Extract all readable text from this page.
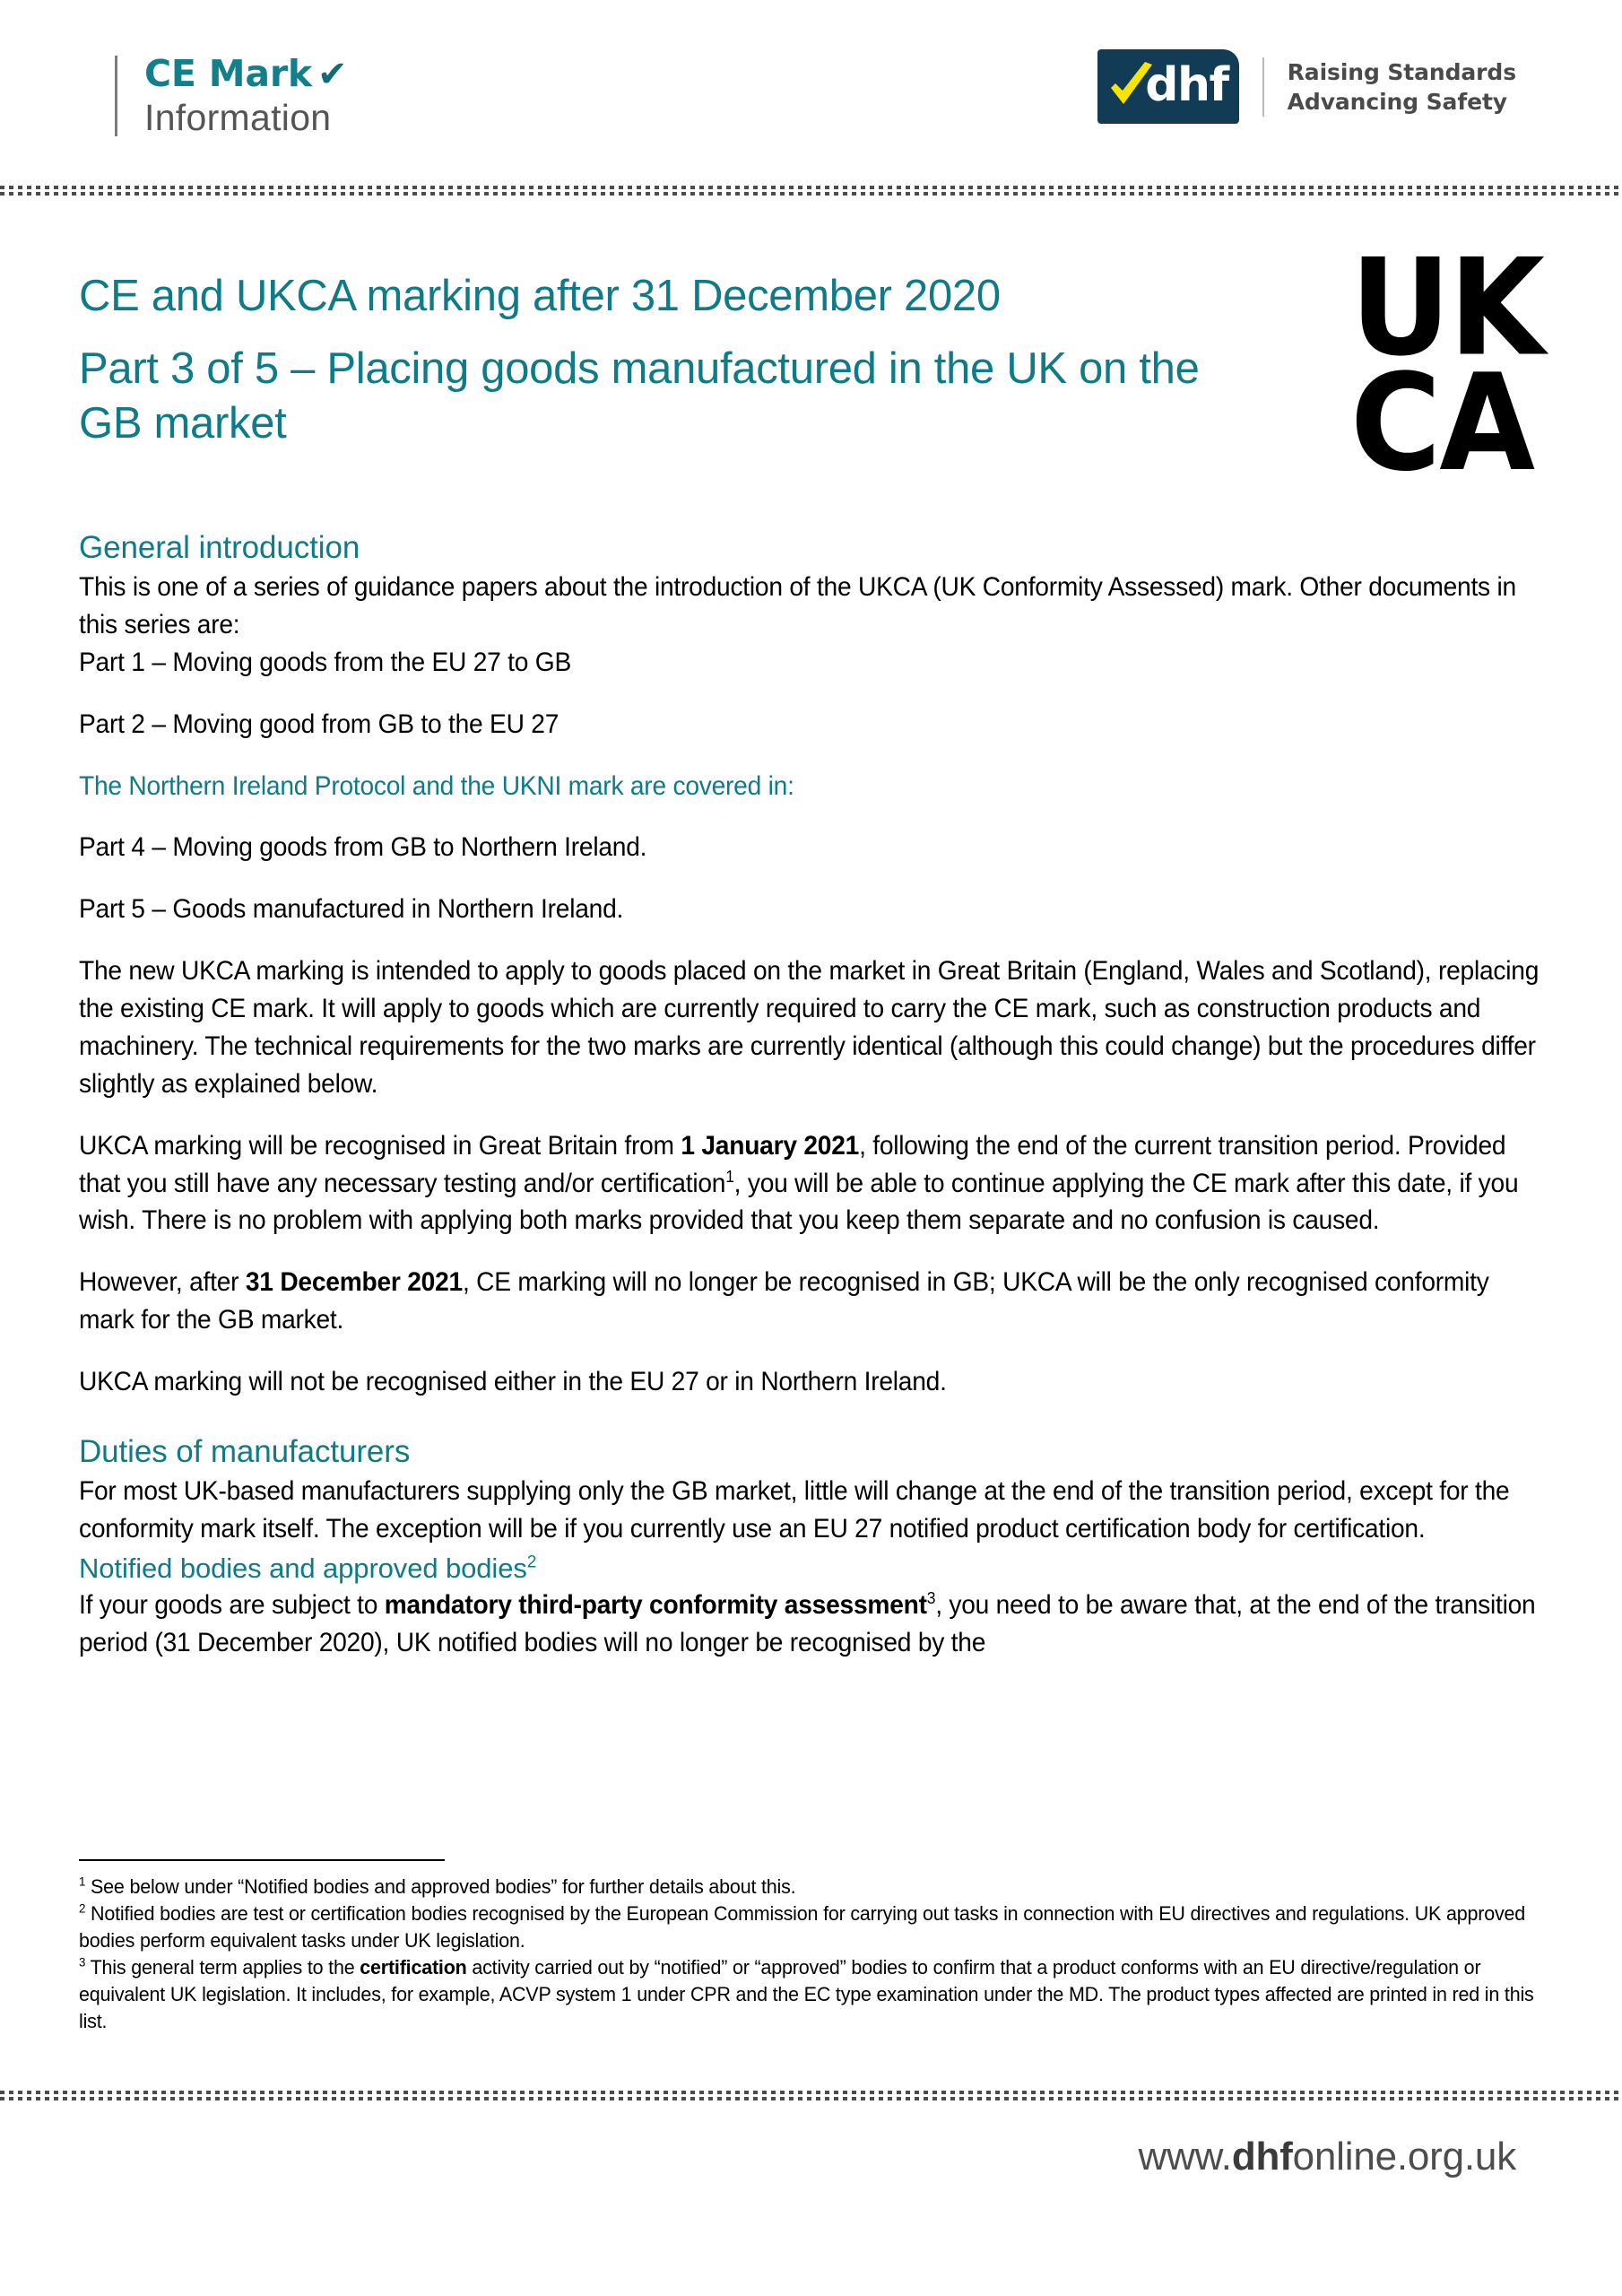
CE Mark ✔
Information
dhf	Raising Standards
Advancing Safety
CE and UKCA marking after 31 December 2020
Part 3 of 5 – Placing goods manufactured in the UK on the GB market
UK
CA
General introduction

This is one of a series of guidance papers about the introduction of the UKCA (UK Conformity Assessed) mark. Other documents in this series are:

Part 1 – Moving goods from the EU 27 to GB

Part 2 – Moving good from GB to the EU 27

The Northern Ireland Protocol and the UKNI mark are covered in:

Part 4 – Moving goods from GB to Northern Ireland.

Part 5 – Goods manufactured in Northern Ireland.

The new UKCA marking is intended to apply to goods placed on the market in Great Britain (England, Wales and Scotland), replacing the existing CE mark. It will apply to goods which are currently required to carry the CE mark, such as construction products and machinery. The technical requirements for the two marks are currently identical (although this could change) but the procedures differ slightly as explained below.

UKCA marking will be recognised in Great Britain from 1 January 2021, following the end of the current transition period. Provided that you still have any necessary testing and/or certification$^1$, you will be able to continue applying the CE mark after this date, if you wish. There is no problem with applying both marks provided that you keep them separate and no confusion is caused.

However, after 31 December 2021, CE marking will no longer be recognised in GB; UKCA will be the only recognised conformity mark for the GB market.

UKCA marking will not be recognised either in the EU 27 or in Northern Ireland.

Duties of manufacturers

For most UK-based manufacturers supplying only the GB market, little will change at the end of the transition period, except for the conformity mark itself. The exception will be if you currently use an EU 27 notified product certification body for certification.

Notified bodies and approved bodies$^2$

If your goods are subject to mandatory third-party conformity assessment$^3$, you need to be aware that, at the end of the transition period (31 December 2020), UK notified bodies will no longer be recognised by the

$^1$ See below under “Notified bodies and approved bodies” for further details about this.

$^2$ Notified bodies are test or certification bodies recognised by the European Commission for carrying out tasks in connection with EU directives and regulations. UK approved bodies perform equivalent tasks under UK legislation.

$^3$ This general term applies to the certification activity carried out by “notified” or “approved” bodies to confirm that a product conforms with an EU directive/regulation or equivalent UK legislation. It includes, for example, ACVP system 1 under CPR and the EC type examination under the MD. The product types affected are printed in red in this list.

www.dhfonline.org.uk
